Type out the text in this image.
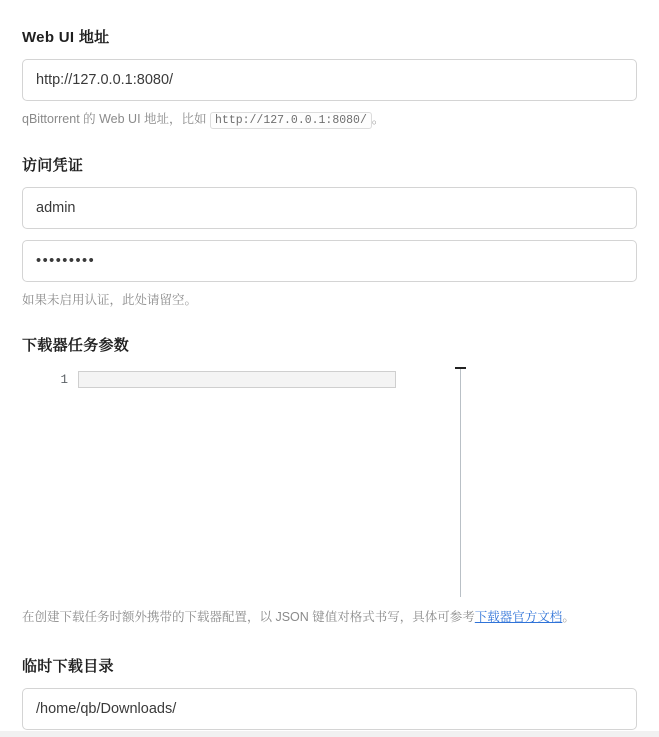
Web UI 地址
http://127.0.0.1:8080/

qBittorrent 的 Web UI 地址，比如 http://127.0.0.1:8080/ 。

访问凭证
admin
•••••••••

如果未启用认证，此处请留空。

下载器任务参数
1

在创建下载任务时额外携带的下载器配置，以 JSON 键值对格式书写，具体可参考下载器官方文档。

临时下载目录
/home/qb/Downloads/
